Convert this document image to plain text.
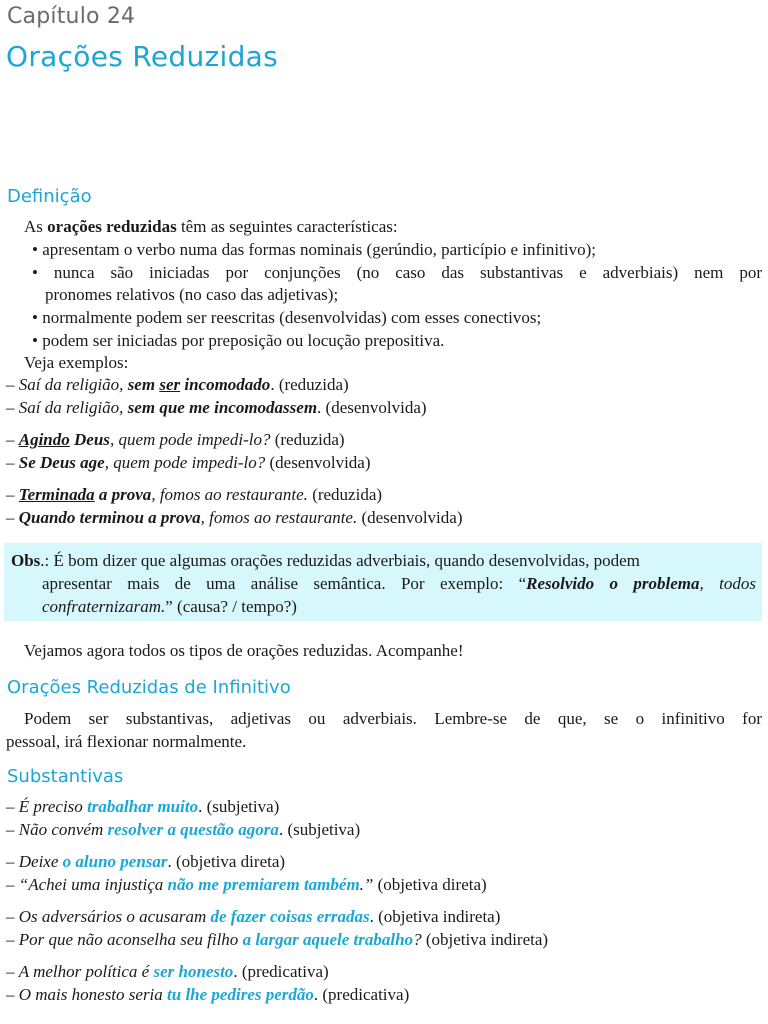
Capítulo 24
Orações Reduzidas
Definição
As orações reduzidas têm as seguintes características:
• apresentam o verbo numa das formas nominais (gerúndio, particípio e infinitivo);
• nunca são iniciadas por conjunções (no caso das substantivas e adverbiais) nem por
pronomes relativos (no caso das adjetivas);
• normalmente podem ser reescritas (desenvolvidas) com esses conectivos;
• podem ser iniciadas por preposição ou locução prepositiva.
Veja exemplos:
– Saí da religião, sem ser incomodado. (reduzida)
– Saí da religião, sem que me incomodassem. (desenvolvida)
– Agindo Deus, quem pode impedi-lo? (reduzida)
– Se Deus age, quem pode impedi-lo? (desenvolvida)
– Terminada a prova, fomos ao restaurante. (reduzida)
– Quando terminou a prova, fomos ao restaurante. (desenvolvida)
Obs.: É bom dizer que algumas orações reduzidas adverbiais, quando desenvolvidas, podem
apresentar mais de uma análise semântica. Por exemplo: “Resolvido o problema, todos
confraternizaram.” (causa? / tempo?)
Vejamos agora todos os tipos de orações reduzidas. Acompanhe!
Orações Reduzidas de Infinitivo
Podem ser substantivas, adjetivas ou adverbiais. Lembre-se de que, se o infinitivo for
pessoal, irá flexionar normalmente.
Substantivas
– É preciso trabalhar muito. (subjetiva)
– Não convém resolver a questão agora. (subjetiva)
– Deixe o aluno pensar. (objetiva direta)
– “Achei uma injustiça não me premiarem também.” (objetiva direta)
– Os adversários o acusaram de fazer coisas erradas. (objetiva indireta)
– Por que não aconselha seu filho a largar aquele trabalho? (objetiva indireta)
– A melhor política é ser honesto. (predicativa)
– O mais honesto seria tu lhe pedires perdão. (predicativa)
